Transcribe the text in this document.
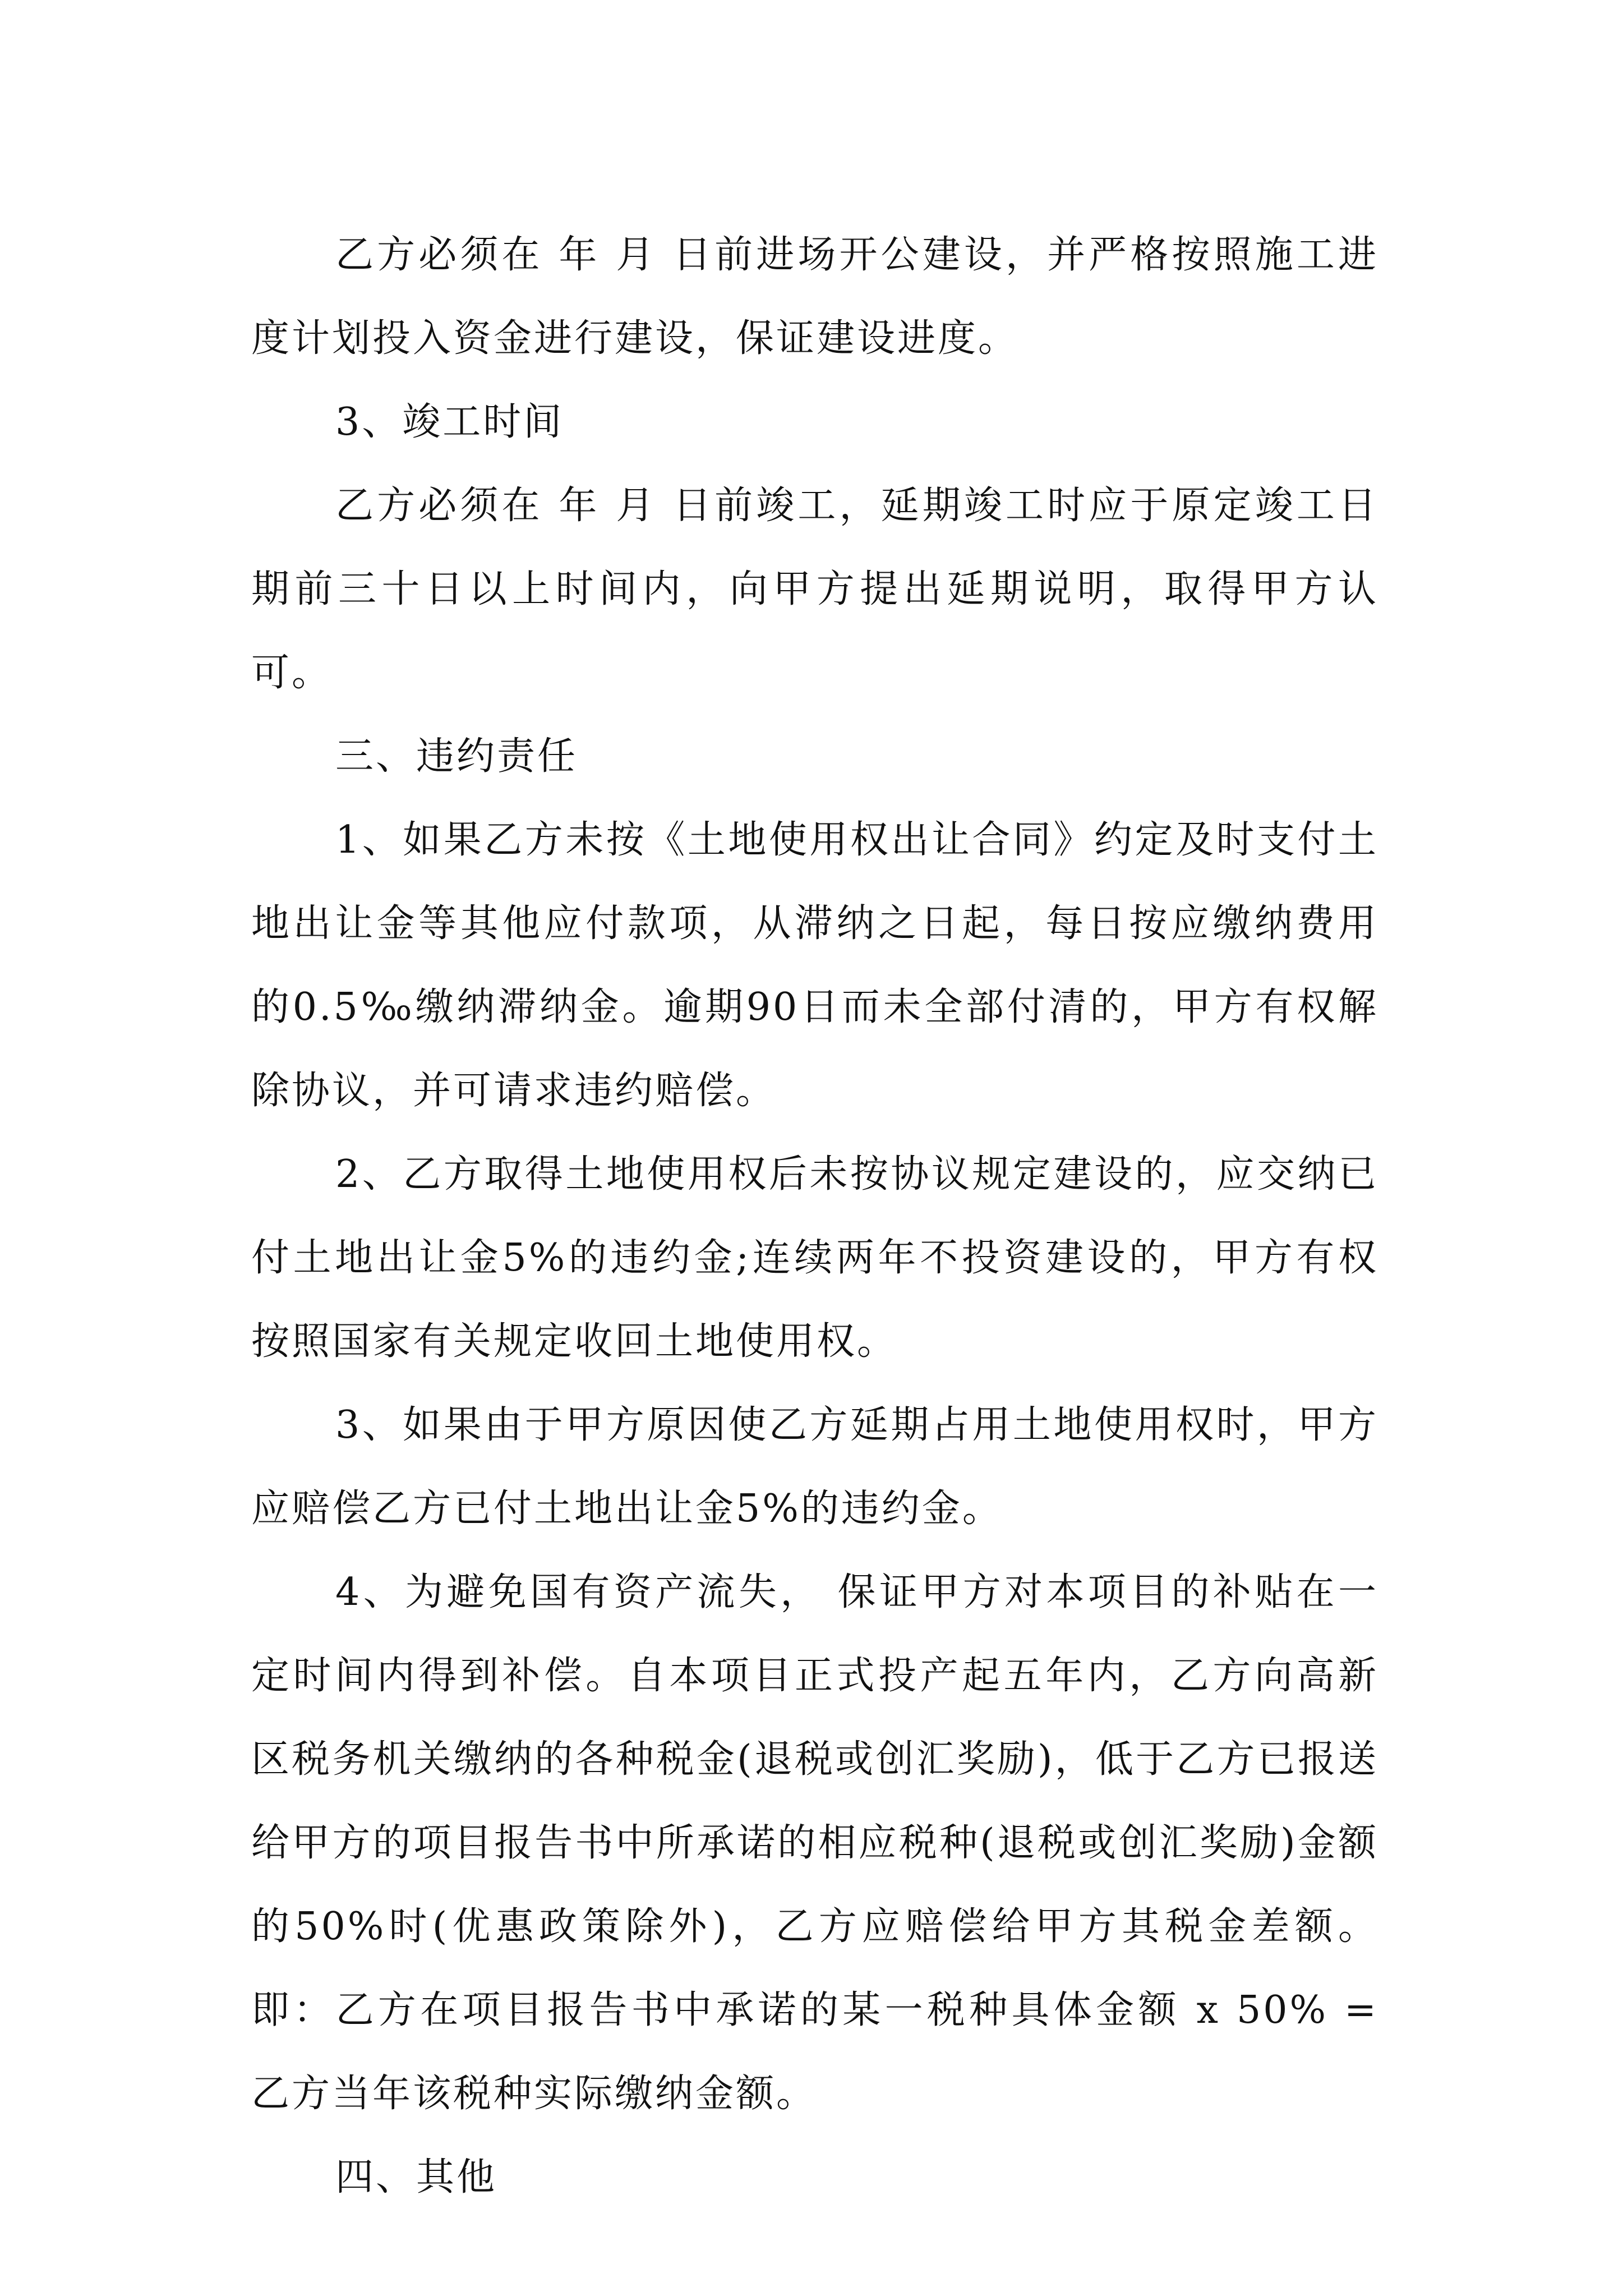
乙方必须在 年 月 日前进场开公建设，并严格按照施工进度计划投入资金进行建设，保证建设进度。

3、竣工时间

乙方必须在 年 月 日前竣工，延期竣工时应于原定竣工日期前三十日以上时间内，向甲方提出延期说明，取得甲方认可。

三、违约责任

1、如果乙方未按《土地使用权出让合同》约定及时支付土地出让金等其他应付款项，从滞纳之日起，每日按应缴纳费用的0.5‰缴纳滞纳金。逾期90日而未全部付清的，甲方有权解除协议，并可请求违约赔偿。

2、乙方取得土地使用权后未按协议规定建设的，应交纳已付土地出让金5%的违约金;连续两年不投资建设的，甲方有权按照国家有关规定收回土地使用权。

3、如果由于甲方原因使乙方延期占用土地使用权时，甲方应赔偿乙方已付土地出让金5%的违约金。

4、为避免国有资产流失， 保证甲方对本项目的补贴在一定时间内得到补偿。自本项目正式投产起五年内，乙方向高新区税务机关缴纳的各种税金(退税或创汇奖励)，低于乙方已报送给甲方的项目报告书中所承诺的相应税种(退税或创汇奖励)金额的50%时(优惠政策除外)，乙方应赔偿给甲方其税金差额。即：乙方在项目报告书中承诺的某一税种具体金额 x 50% = 乙方当年该税种实际缴纳金额。

四、其他
